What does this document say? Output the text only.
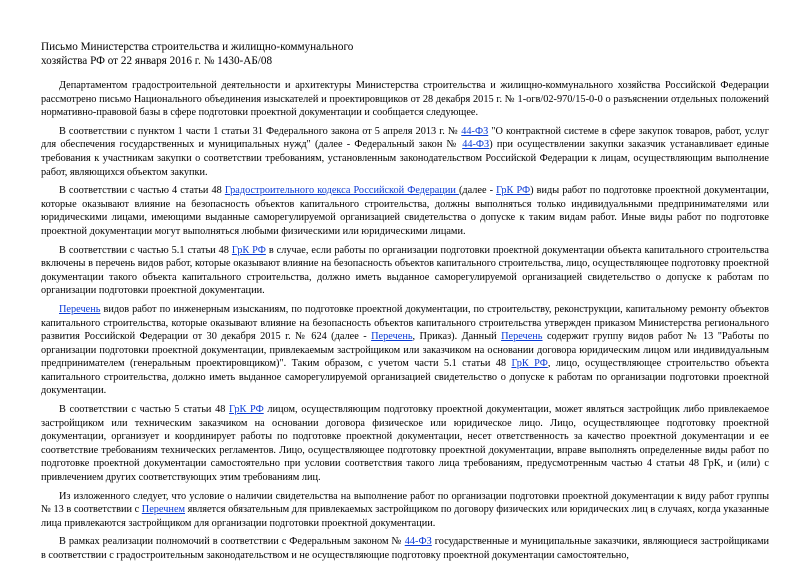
Письмо Министерства строительства и жилищно-коммунального
хозяйства РФ от 22 января 2016 г. № 1430-АБ/08

Департаментом градостроительной деятельности и архитектуры Министерства строительства и жилищно-коммунального хозяйства Российской Федерации рассмотрено письмо Национального объединения изыскателей и проектировщиков от 28 декабря 2015 г. № 1-огв/02-970/15-0-0 о разъяснении отдельных положений нормативно-правовой базы в сфере подготовки проектной документации и сообщается следующее.

В соответствии с пунктом 1 части 1 статьи 31 Федерального закона от 5 апреля 2013 г. № 44-ФЗ "О контрактной системе в сфере закупок товаров, работ, услуг для обеспечения государственных и муниципальных нужд" (далее - Федеральный закон № 44-ФЗ) при осуществлении закупки заказчик устанавливает единые требования к участникам закупки о соответствии требованиям, установленным законодательством Российской Федерации к лицам, осуществляющим выполнение работ, являющихся объектом закупки.

В соответствии с частью 4 статьи 48 Градостроительного кодекса Российской Федерации (далее - ГрК РФ) виды работ по подготовке проектной документации, которые оказывают влияние на безопасность объектов капитального строительства, должны выполняться только индивидуальными предпринимателями или юридическими лицами, имеющими выданные саморегулируемой организацией свидетельства о допуске к таким видам работ. Иные виды работ по подготовке проектной документации могут выполняться любыми физическими или юридическими лицами.

В соответствии с частью 5.1 статьи 48 ГрК РФ в случае, если работы по организации подготовки проектной документации объекта капитального строительства включены в перечень видов работ, которые оказывают влияние на безопасность объектов капитального строительства, лицо, осуществляющее подготовку проектной документации такого объекта капитального строительства, должно иметь выданное саморегулируемой организацией свидетельство о допуске к работам по организации подготовки проектной документации.

Перечень видов работ по инженерным изысканиям, по подготовке проектной документации, по строительству, реконструкции, капитальному ремонту объектов капитального строительства, которые оказывают влияние на безопасность объектов капитального строительства утвержден приказом Министерства регионального развития Российской Федерации от 30 декабря 2015 г. № 624 (далее - Перечень, Приказ). Данный Перечень содержит группу видов работ № 13 "Работы по организации подготовки проектной документации, привлекаемым застройщиком или заказчиком на основании договора юридическим лицом или индивидуальным предпринимателем (генеральным проектировщиком)". Таким образом, с учетом части 5.1 статьи 48 ГрК РФ, лицо, осуществляющее строительство объекта капитального строительства, должно иметь выданное саморегулируемой организацией свидетельство о допуске к работам по организации подготовки проектной документации.

В соответствии с частью 5 статьи 48 ГрК РФ лицом, осуществляющим подготовку проектной документации, может являться застройщик либо привлекаемое застройщиком или техническим заказчиком на основании договора физическое или юридическое лицо. Лицо, осуществляющее подготовку проектной документации, организует и координирует работы по подготовке проектной документации, несет ответственность за качество проектной документации и ее соответствие требованиям технических регламентов. Лицо, осуществляющее подготовку проектной документации, вправе выполнять определенные виды работ по подготовке проектной документации самостоятельно при условии соответствия такого лица требованиям, предусмотренным частью 4 статьи 48 ГрК, и (или) с привлечением других соответствующих этим требованиям лиц.

Из изложенного следует, что условие о наличии свидетельства на выполнение работ по организации подготовки проектной документации к виду работ группы № 13 в соответствии с Перечнем является обязательным для привлекаемых застройщиком по договору физических или юридических лиц в случаях, когда указанные лица привлекаются застройщиком для организации подготовки проектной документации.

В рамках реализации полномочий в соответствии с Федеральным законом № 44-ФЗ государственные и муниципальные заказчики, являющиеся застройщиками в соответствии с градостроительным законодательством и не осуществляющие подготовку проектной документации самостоятельно,
